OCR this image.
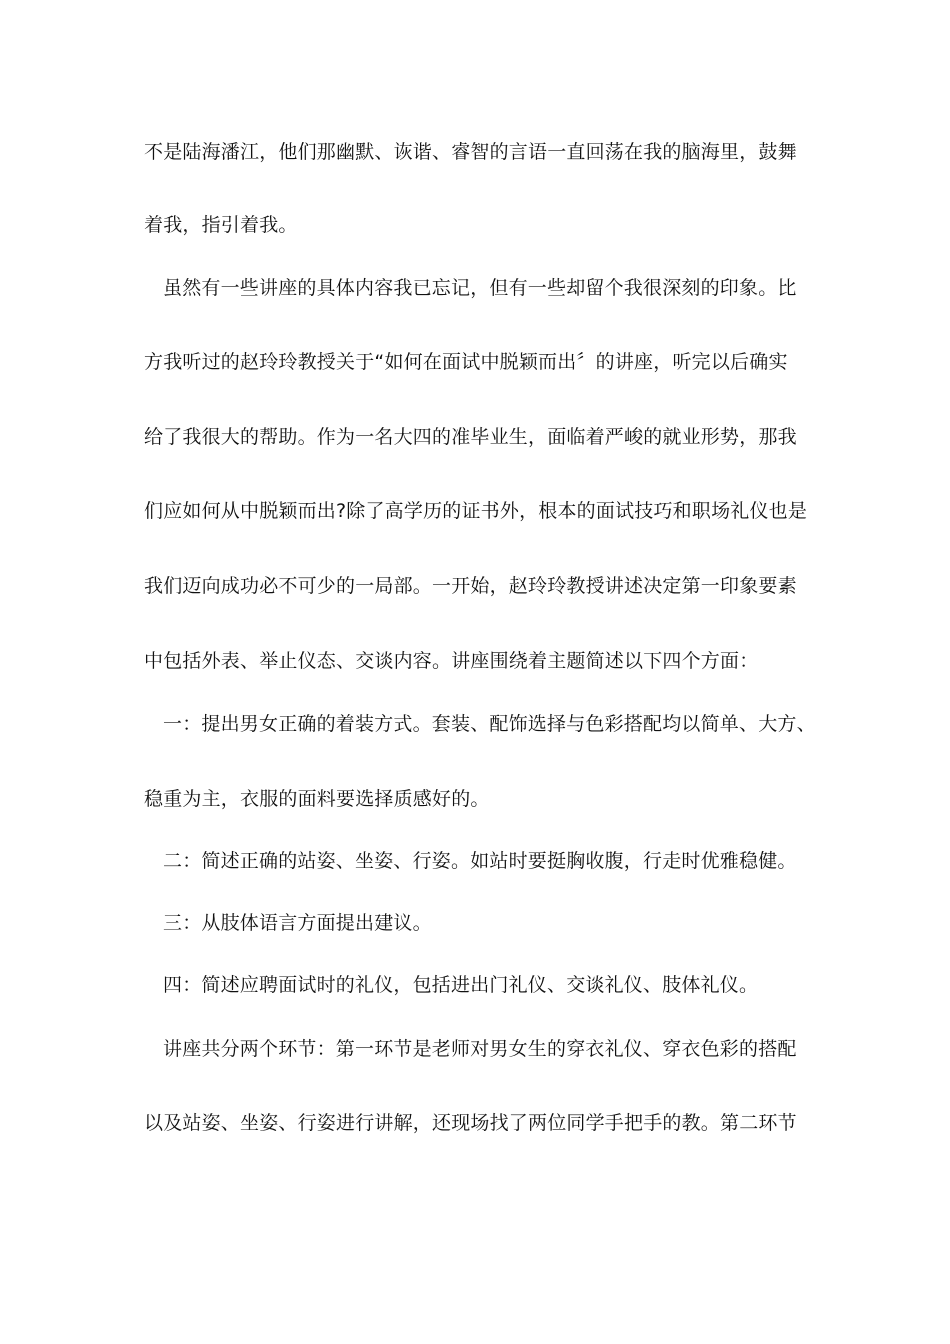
不是陆海潘江，他们那幽默、诙谐、睿智的言语一直回荡在我的脑海里，鼓舞
着我，指引着我。
虽然有一些讲座的具体内容我已忘记，但有一些却留个我很深刻的印象。比
方我听过的赵玲玲教授关于“如何在面试中脱颖而出〞的讲座，听完以后确实
给了我很大的帮助。作为一名大四的准毕业生，面临着严峻的就业形势，那我
们应如何从中脱颖而出?除了高学历的证书外，根本的面试技巧和职场礼仪也是
我们迈向成功必不可少的一局部。一开始，赵玲玲教授讲述决定第一印象要素
中包括外表、举止仪态、交谈内容。讲座围绕着主题简述以下四个方面：
一：提出男女正确的着装方式。套装、配饰选择与色彩搭配均以简单、大方、
稳重为主，衣服的面料要选择质感好的。
二：简述正确的站姿、坐姿、行姿。如站时要挺胸收腹，行走时优雅稳健。
三：从肢体语言方面提出建议。
四：简述应聘面试时的礼仪，包括进出门礼仪、交谈礼仪、肢体礼仪。
讲座共分两个环节：第一环节是老师对男女生的穿衣礼仪、穿衣色彩的搭配
以及站姿、坐姿、行姿进行讲解，还现场找了两位同学手把手的教。第二环节
